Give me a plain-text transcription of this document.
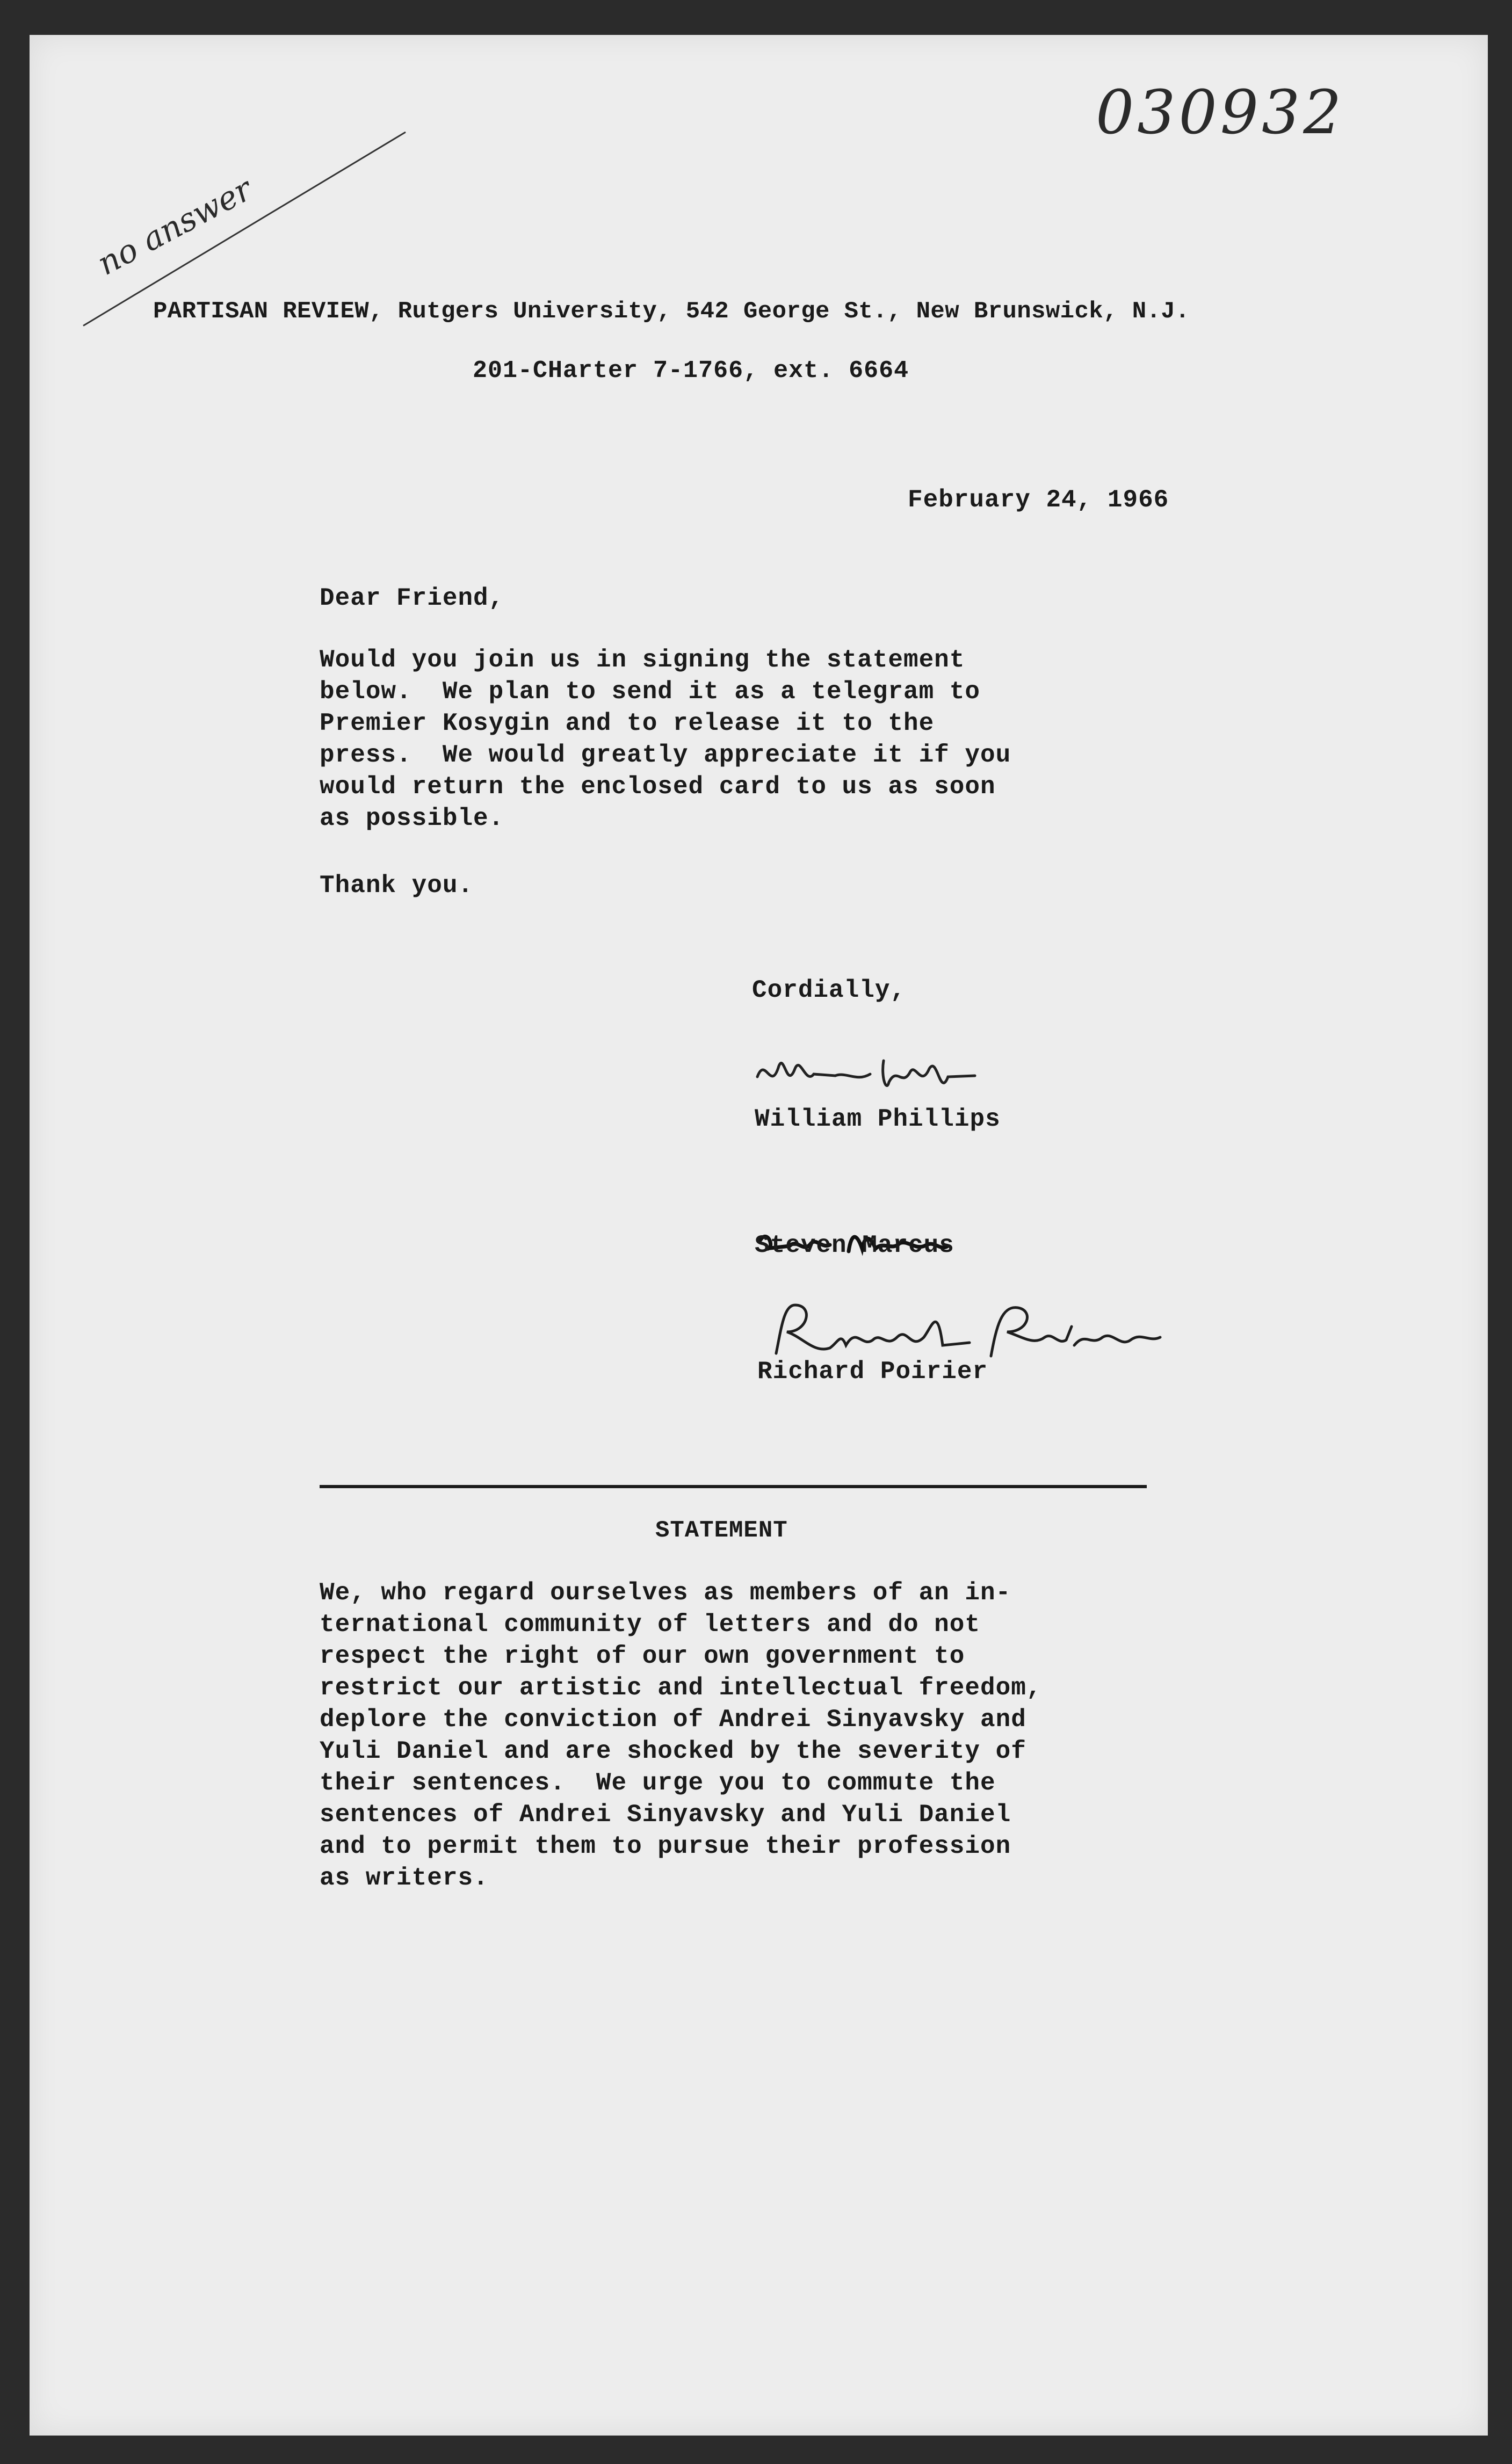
030932
no answer
PARTISAN REVIEW, Rutgers University, 542 George St., New Brunswick, N.J.
201-CHarter 7-1766, ext. 6664
February 24, 1966
Dear Friend,
Would you join us in signing the statement
below.  We plan to send it as a telegram to
Premier Kosygin and to release it to the
press.  We would greatly appreciate it if you
would return the enclosed card to us as soon
as possible.
Thank you.
Cordially,
William Phillips
Steven Marcus
Richard Poirier
STATEMENT
We, who regard ourselves as members of an in-
ternational community of letters and do not
respect the right of our own government to
restrict our artistic and intellectual freedom,
deplore the conviction of Andrei Sinyavsky and
Yuli Daniel and are shocked by the severity of
their sentences.  We urge you to commute the
sentences of Andrei Sinyavsky and Yuli Daniel
and to permit them to pursue their profession
as writers.
